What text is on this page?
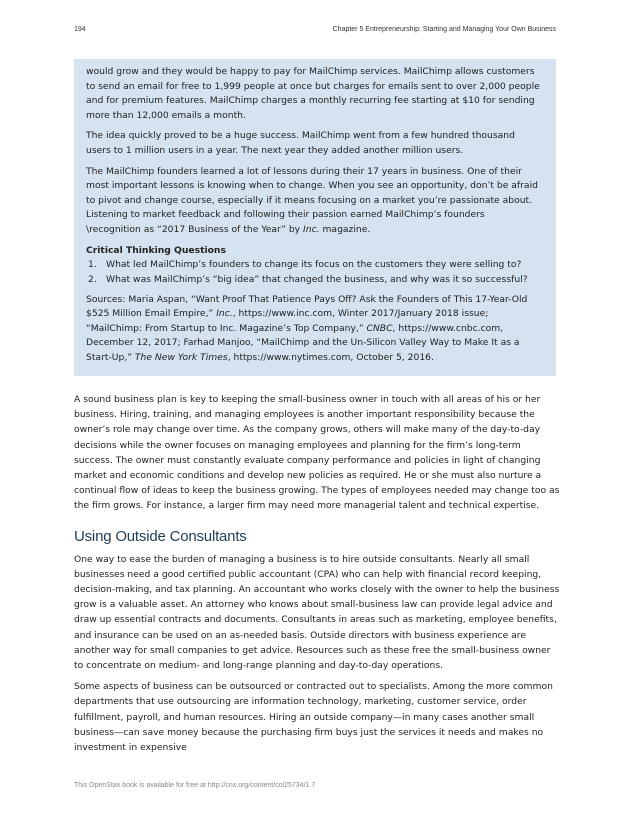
194	Chapter 5 Entrepreneurship: Starting and Managing Your Own Business

would grow and they would be happy to pay for MailChimp services. MailChimp allows customers to send an email for free to 1,999 people at once but charges for emails sent to over 2,000 people and for premium features. MailChimp charges a monthly recurring fee starting at $10 for sending more than 12,000 emails a month.

The idea quickly proved to be a huge success. MailChimp went from a few hundred thousand users to 1 million users in a year. The next year they added another million users.

The MailChimp founders learned a lot of lessons during their 17 years in business. One of their most important lessons is knowing when to change. When you see an opportunity, don’t be afraid to pivot and change course, especially if it means focusing on a market you’re passionate about. Listening to market feedback and following their passion earned MailChimp’s founders \recognition as “2017 Business of the Year” by Inc. magazine.

Critical Thinking Questions

1.	What led MailChimp’s founders to change its focus on the customers they were selling to?
2.	What was MailChimp’s “big idea” that changed the business, and why was it so successful?

Sources: Maria Aspan, “Want Proof That Patience Pays Off? Ask the Founders of This 17-Year-Old $525 Million Email Empire,” Inc., https://www.inc.com, Winter 2017/January 2018 issue; “MailChimp: From Startup to Inc. Magazine’s Top Company,” CNBC, https://www.cnbc.com, December 12, 2017; Farhad Manjoo, “MailChimp and the Un-Silicon Valley Way to Make It as a Start-Up,” The New York Times, https://www.nytimes.com, October 5, 2016.

A sound business plan is key to keeping the small-business owner in touch with all areas of his or her business. Hiring, training, and managing employees is another important responsibility because the owner’s role may change over time. As the company grows, others will make many of the day-to-day decisions while the owner focuses on managing employees and planning for the firm’s long-term success. The owner must constantly evaluate company performance and policies in light of changing market and economic conditions and develop new policies as required. He or she must also nurture a continual flow of ideas to keep the business growing. The types of employees needed may change too as the firm grows. For instance, a larger firm may need more managerial talent and technical expertise.

Using Outside Consultants

One way to ease the burden of managing a business is to hire outside consultants. Nearly all small businesses need a good certified public accountant (CPA) who can help with financial record keeping, decision-making, and tax planning. An accountant who works closely with the owner to help the business grow is a valuable asset. An attorney who knows about small-business law can provide legal advice and draw up essential contracts and documents. Consultants in areas such as marketing, employee benefits, and insurance can be used on an as-needed basis. Outside directors with business experience are another way for small companies to get advice. Resources such as these free the small-business owner to concentrate on medium- and long-range planning and day-to-day operations.

Some aspects of business can be outsourced or contracted out to specialists. Among the more common departments that use outsourcing are information technology, marketing, customer service, order fulfillment, payroll, and human resources. Hiring an outside company—in many cases another small business—can save money because the purchasing firm buys just the services it needs and makes no investment in expensive

This OpenStax book is available for free at http://cnx.org/content/col25734/1.7
